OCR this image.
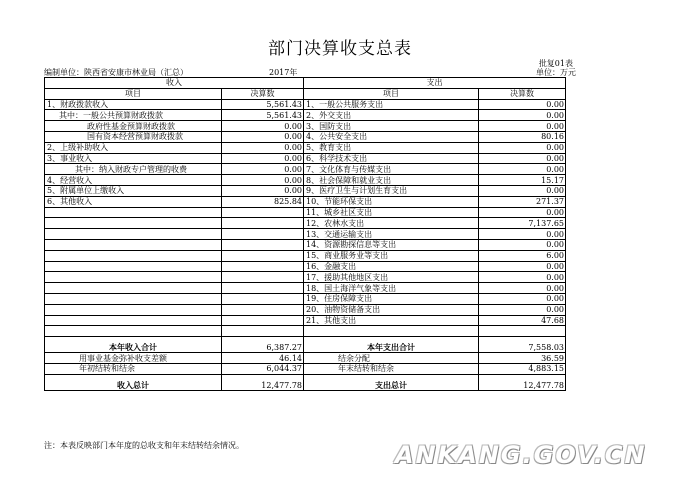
部门决算收支总表
批复01表
编制单位：陕西省安康市林业局（汇总）	2017年	单位：万元
收入		支出	
项目	决算数	项目	决算数
1、财政拨款收入	5,561.43	1、一般公共服务支出	0.00
其中：一般公共预算财政拨款	5,561.43	2、外交支出	0.00
政府性基金预算财政拨款	0.00	3、国防支出	0.00
国有资本经营预算财政拨款	0.00	4、公共安全支出	80.16
2、上级补助收入	0.00	5、教育支出	0.00
3、事业收入	0.00	6、科学技术支出	0.00
其中：纳入财政专户管理的收费	0.00	7、文化体育与传媒支出	0.00
4、经营收入	0.00	8、社会保障和就业支出	15.17
5、附属单位上缴收入	0.00	9、医疗卫生与计划生育支出	0.00
6、其他收入	825.84	10、节能环保支出	271.37
		11、城乡社区支出	0.00
		12、农林水支出	7,137.65
		13、交通运输支出	0.00
		14、资源勘探信息等支出	0.00
		15、商业服务业等支出	6.00
		16、金融支出	0.00
		17、援助其他地区支出	0.00
		18、国土海洋气象等支出	0.00
		19、住房保障支出	0.00
		20、油物资储备支出	0.00
		21、其他支出	47.68

本年收入合计	6,387.27	本年支出合计	7,558.03
用事业基金弥补收支差额	46.14	结余分配	36.59
年初结转和结余	6,044.37	年末结转和结余	4,883.15
收入总计	12,477.78	支出总计	12,477.78
注：本表反映部门本年度的总收支和年末结转结余情况。	ANKANG.GOV.CN
